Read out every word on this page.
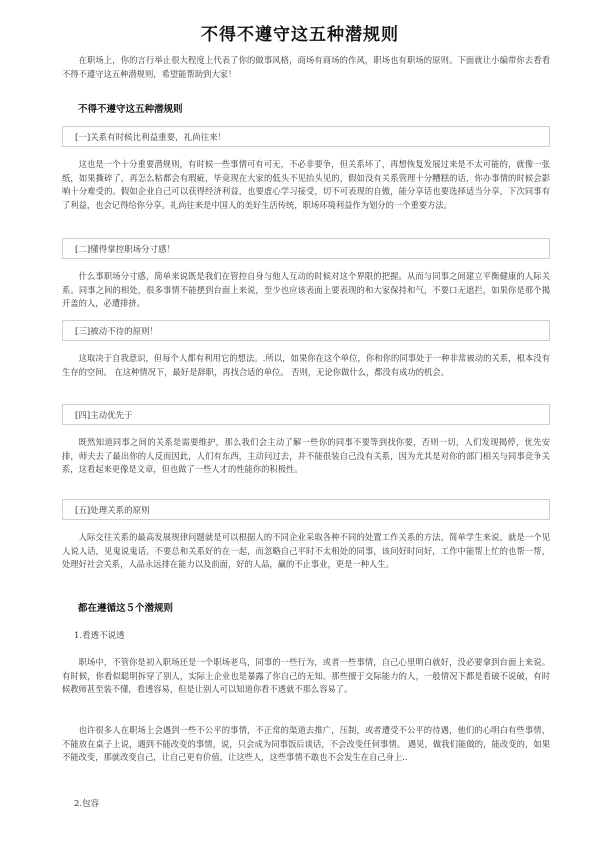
不得不遵守这五种潜规则

在职场上，你的言行举止很大程度上代表了你的做事风格，商场有商场的作风，职场也有职场的原则。下面就让小编带你去看看不得不遵守这五种潜规则，希望能帮助到大家！

不得不遵守这五种潜规则

[一]关系有时候比利益重要，礼尚往来！

这也是一个十分重要潜规则，有时候一些事情可有可无，不必非要争，但关系坏了，再想恢复发展过来是不太可能的，就像一张纸，如果撕碎了，再怎么粘都会有瑕疵，毕竟现在大家的低头不见抬头见的，假如没有关系管理十分糟糕的话，你办事情的时候会影响十分难受的。假如企业自己可以获得经济利益，也要虚心学习接受，切不可表现的自傲，能分享话也要选择适当分享，下次同事有了利益，也会记得给你分享。礼尚往来是中国人的美好生活传统，职场环境利益作为划分的一个重要方法。

[二]懂得掌控职场分寸感！

什么事职场分寸感，简单来说既是我们在管控自身与他人互动的时候对这个界限的把握。从而与同事之间建立平衡健康的人际关系。同事之间的相处，很多事情不能摆到台面上来说，至少也应该表面上要表现的和大家保持和气，不要口无遮拦，如果你是那个揭开盖的人，必遭排挤。

[三]被动不待的原则！

这取决于自我意识，但每个人都有利用它的想法。.所以，如果你在这个单位，你和你的同事处于一种非常被动的关系，根本没有生存的空间。 在这种情况下，最好是辞职，再找合适的单位。 否则，无论你做什么，都没有成功的机会。

[四]主动优先于

既然知道同事之间的关系是需要维护，那么我们会主动了解一些你的同事不要等到找你要，否则一切，人们发现揭停，优先安排，师夫去了最出你的人反而因此，人们有东西，主动问过去，并不能很装自己没有关系，因为尤其是对你的部门相关与同事竞争关系，这看起来更像是文章，但也做了一些人才的性能你的积极性。

[五]处理关系的原则

人际交往关系的最高发展规律问题就是可以根据人的不同企业采取各种不同的处置工作关系的方法，简单学生来说，就是一个见人说人话，见鬼说鬼话。不要总和关系好的在一起，而忽略自己平时不太相处的同事，该问好时问好，工作中能帮上忙的也帮一帮，处理好社会关系，人品永远排在能力以及前面，好的人品，赢的不止事业，更是一种人生。

都在遵循这５个潜规则

1.看透不说透

职场中，不管你是初入职场还是一个职场老鸟，同事的一些行为，或者一些事情，自己心里明白就好，没必要拿到台面上来说。有时候，你看似聪明拆穿了别人，实际上企业也是暴露了你自己的无知。那些擅于交际能力的人，一般情况下都是看破不说破，有时候教师甚至装不懂，看透容易，但是让别人可以知道你看不透就不那么容易了。

也许很多人在职场上会遇到一些不公平的事情，不正常的渠道去推广，压制，或者遭受不公平的待遇，他们的心明白有些事情，不能放在桌子上说，遇到不能改变的事情，说，只会成为同事饭后谈话，不会改变任何事情。 遇见，做我们能做的，能改变的，如果不能改变，那就改变自己，让自己更有价值，让这些人，这些事情不敢也不会发生在自己身上..

2.包容
